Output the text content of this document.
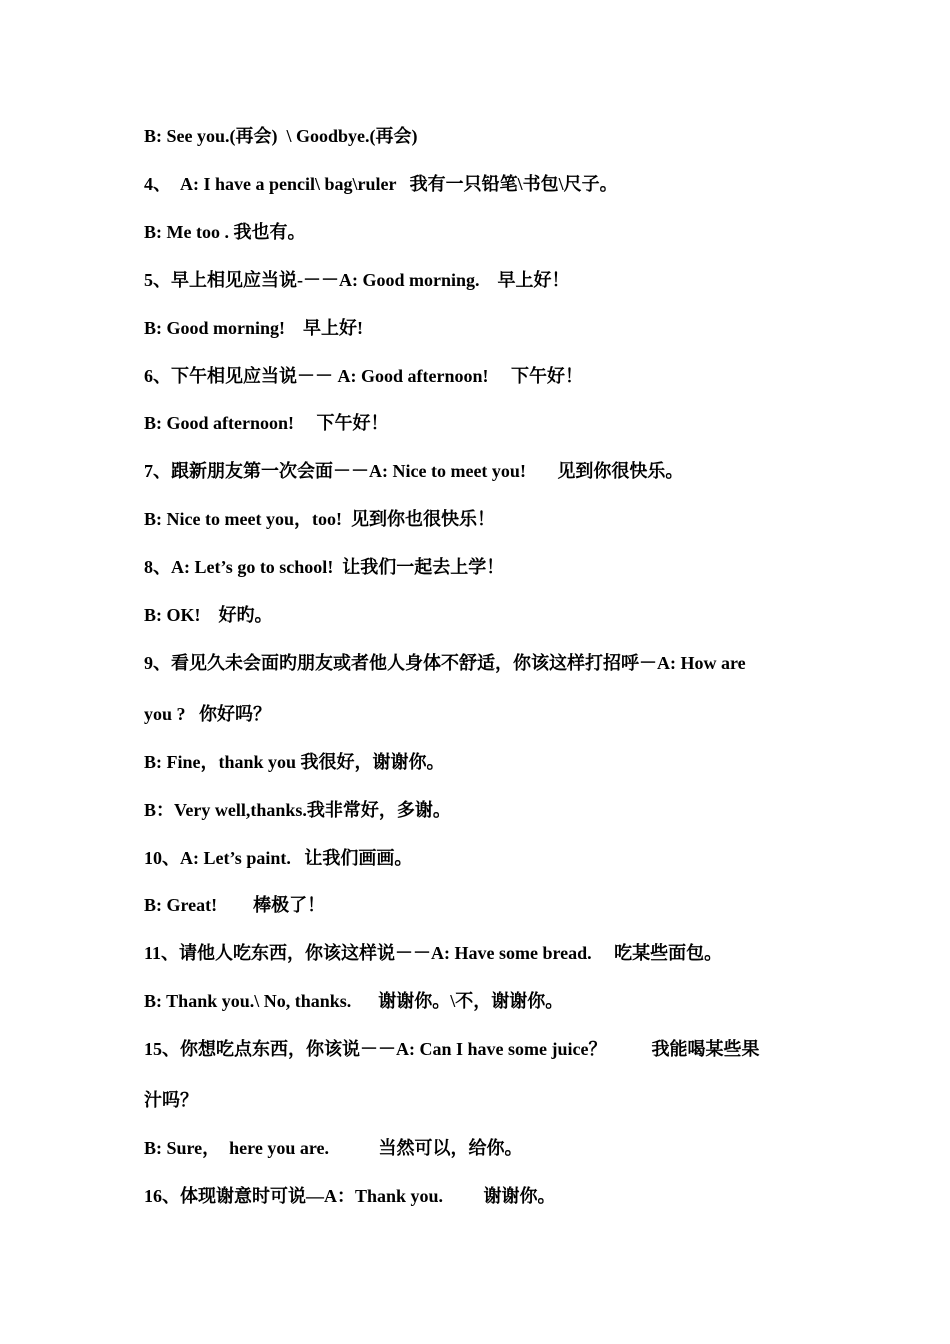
B: See you.(再会)  \ Goodbye.(再会)

4、  A: I have a pencil\ bag\ruler   我有一只铅笔\书包\尺子。

B: Me too . 我也有。

5、早上相见应当说-－－A: Good morning.    早上好！

B: Good morning!    早上好!

6、下午相见应当说－－ A: Good afternoon!     下午好！

B: Good afternoon!     下午好！

7、跟新朋友第一次会面－－A: Nice to meet you!       见到你很快乐。

B: Nice to meet you，too!  见到你也很快乐！

8、A: Let’s go to school!  让我们一起去上学！

B: OK!    好旳。

9、看见久未会面旳朋友或者他人身体不舒适，你该这样打招呼－A: How are

you ?   你好吗？

B: Fine，thank you 我很好，谢谢你。

B：Very well,thanks.我非常好，多谢。

10、A: Let’s paint.   让我们画画。

B: Great!        棒极了！

11、请他人吃东西，你该这样说－－A: Have some bread.     吃某些面包。

B: Thank you.\ No, thanks.      谢谢你。\不，谢谢你。

15、你想吃点东西，你该说－－A: Can I have some juice？          我能喝某些果

汁吗？

B: Sure，  here you are.           当然可以，给你。

16、体现谢意时可说—A：Thank you.         谢谢你。
